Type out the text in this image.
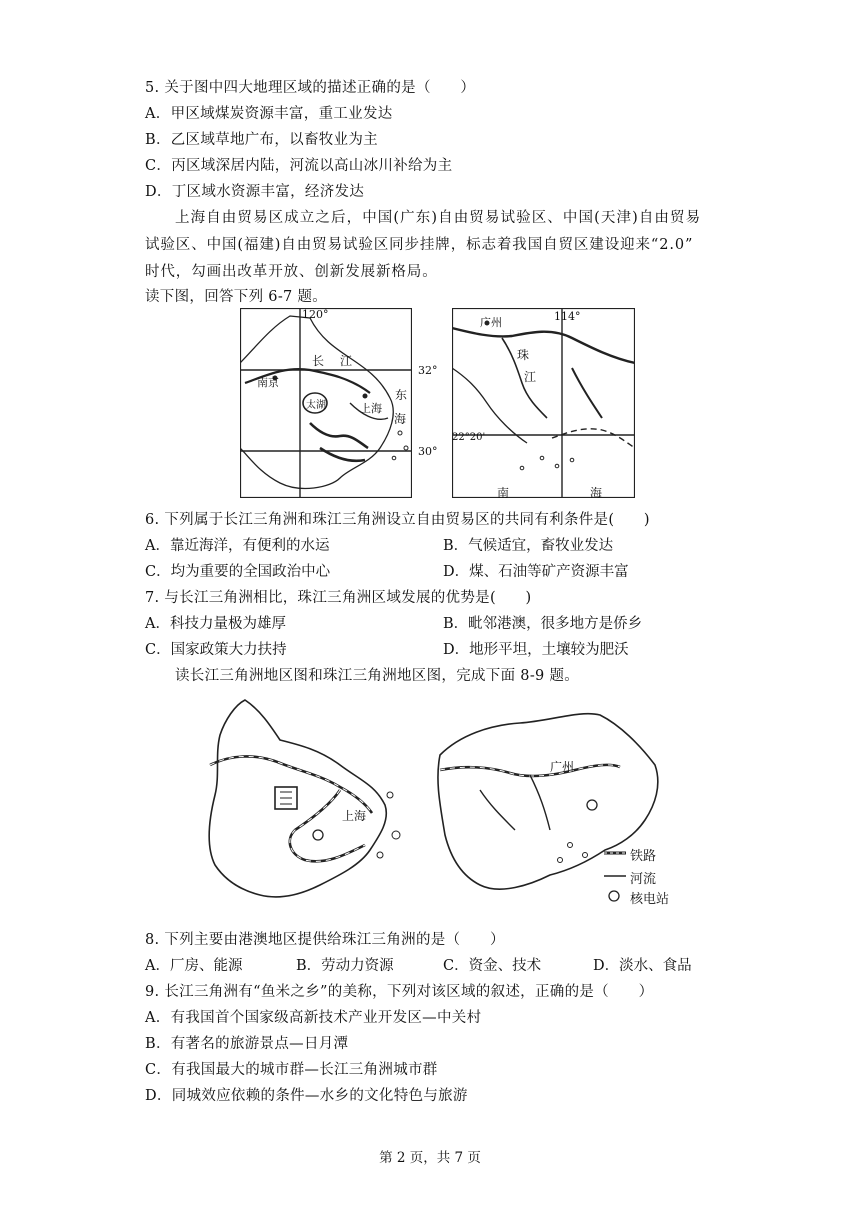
5. 关于图中四大地理区域的描述正确的是（　　）
A．甲区域煤炭资源丰富，重工业发达
B．乙区域草地广布，以畜牧业为主
C．丙区域深居内陆，河流以高山冰川补给为主
D．丁区域水资源丰富，经济发达
上海自由贸易区成立之后，中国(广东)自由贸易试验区、中国(天津)自由贸易
试验区、中国(福建)自由贸易试验区同步挂牌，标志着我国自贸区建设迎来“2.0”
时代，勾画出改革开放、创新发展新格局。
读下图，回答下列 6-7 题。
120°
32°
30°
长 江
南京
太湖	上海
东
海
广州	114°
珠
江
22°20'
南	海
6. 下列属于长江三角洲和珠江三角洲设立自由贸易区的共同有利条件是(　　)
A．靠近海洋，有便利的水运	B．气候适宜，畜牧业发达
C．均为重要的全国政治中心	D．煤、石油等矿产资源丰富
7. 与长江三角洲相比，珠江三角洲区域发展的优势是(　　)
A．科技力量极为雄厚	B．毗邻港澳，很多地方是侨乡
C．国家政策大力扶持	D．地形平坦，土壤较为肥沃
读长江三角洲地区图和珠江三角洲地区图，完成下面 8-9 题。
上海
广州
铁路
河流
核电站
8. 下列主要由港澳地区提供给珠江三角洲的是（　　）
A．厂房、能源	B．劳动力资源	C．资金、技术	D．淡水、食品
9. 长江三角洲有“鱼米之乡”的美称，下列对该区域的叙述，正确的是（　　）
A．有我国首个国家级高新技术产业开发区—中关村
B．有著名的旅游景点—日月潭
C．有我国最大的城市群—长江三角洲城市群
D．同城效应依赖的条件—水乡的文化特色与旅游
第 2 页，共 7 页
